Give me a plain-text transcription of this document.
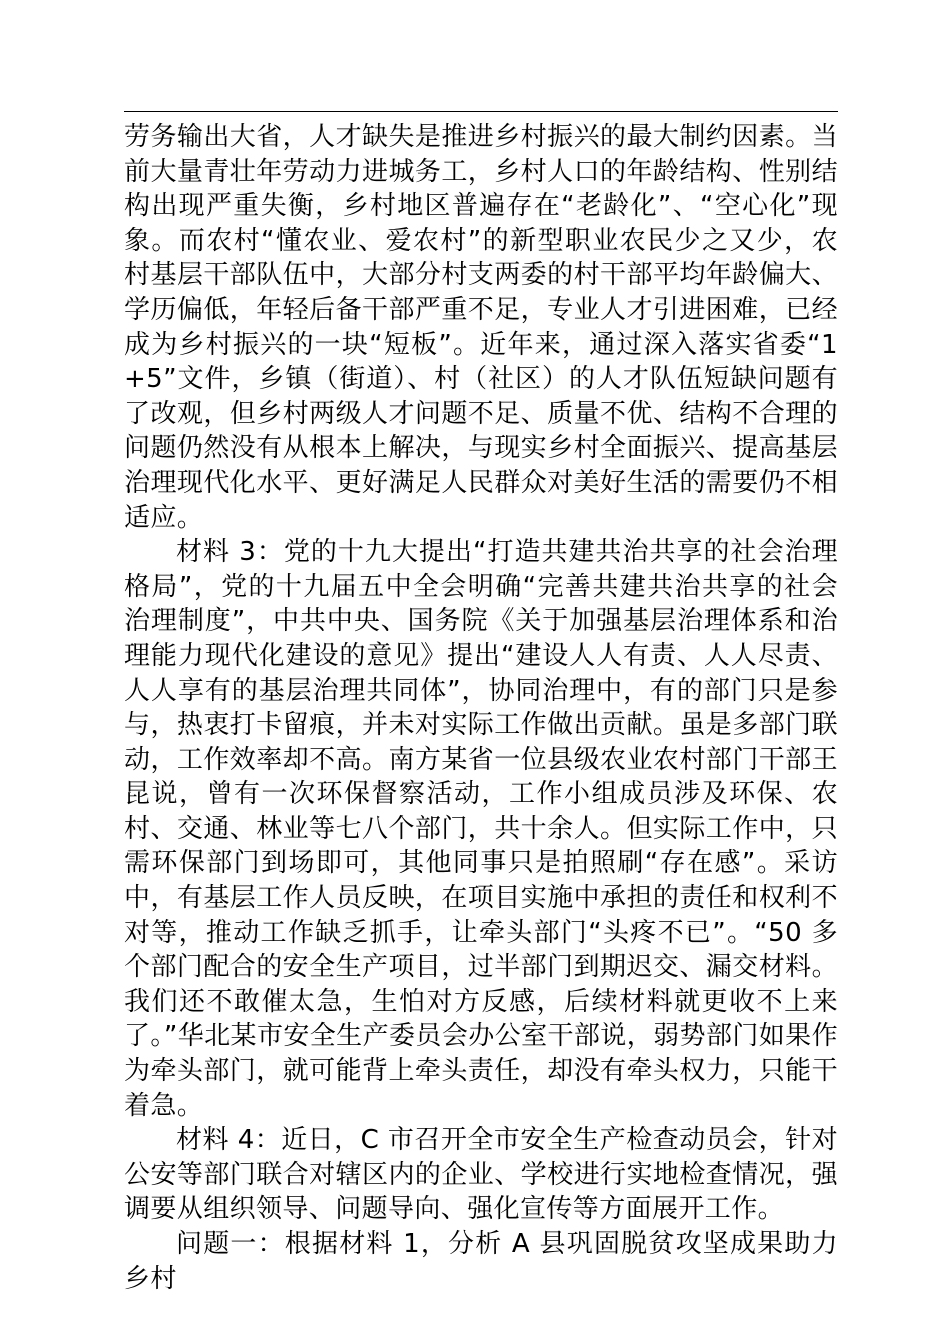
劳务输出大省，人才缺失是推进乡村振兴的最大制约因素。当前大量青壮年劳动力进城务工，乡村人口的年龄结构、性别结构出现严重失衡，乡村地区普遍存在“老龄化”、“空心化”现象。而农村“懂农业、爱农村”的新型职业农民少之又少，农村基层干部队伍中，大部分村支两委的村干部平均年龄偏大、学历偏低，年轻后备干部严重不足，专业人才引进困难，已经成为乡村振兴的一块“短板”。近年来，通过深入落实省委“1+5”文件，乡镇（街道）、村（社区）的人才队伍短缺问题有了改观，但乡村两级人才问题不足、质量不优、结构不合理的问题仍然没有从根本上解决，与现实乡村全面振兴、提高基层治理现代化水平、更好满足人民群众对美好生活的需要仍不相适应。

材料 3：党的十九大提出“打造共建共治共享的社会治理格局”，党的十九届五中全会明确“完善共建共治共享的社会治理制度”，中共中央、国务院《关于加强基层治理体系和治理能力现代化建设的意见》提出“建设人人有责、人人尽责、人人享有的基层治理共同体”，协同治理中，有的部门只是参与，热衷打卡留痕，并未对实际工作做出贡献。虽是多部门联动，工作效率却不高。南方某省一位县级农业农村部门干部王昆说，曾有一次环保督察活动，工作小组成员涉及环保、农村、交通、林业等七八个部门，共十余人。但实际工作中，只需环保部门到场即可，其他同事只是拍照刷“存在感”。采访中，有基层工作人员反映，在项目实施中承担的责任和权利不对等，推动工作缺乏抓手，让牵头部门“头疼不已”。“50 多个部门配合的安全生产项目，过半部门到期迟交、漏交材料。我们还不敢催太急，生怕对方反感，后续材料就更收不上来了。”华北某市安全生产委员会办公室干部说，弱势部门如果作为牵头部门，就可能背上牵头责任，却没有牵头权力，只能干着急。

材料 4：近日，C 市召开全市安全生产检查动员会，针对公安等部门联合对辖区内的企业、学校进行实地检查情况，强调要从组织领导、问题导向、强化宣传等方面展开工作。

问题一：根据材料 1，分析 A 县巩固脱贫攻坚成果助力乡村
